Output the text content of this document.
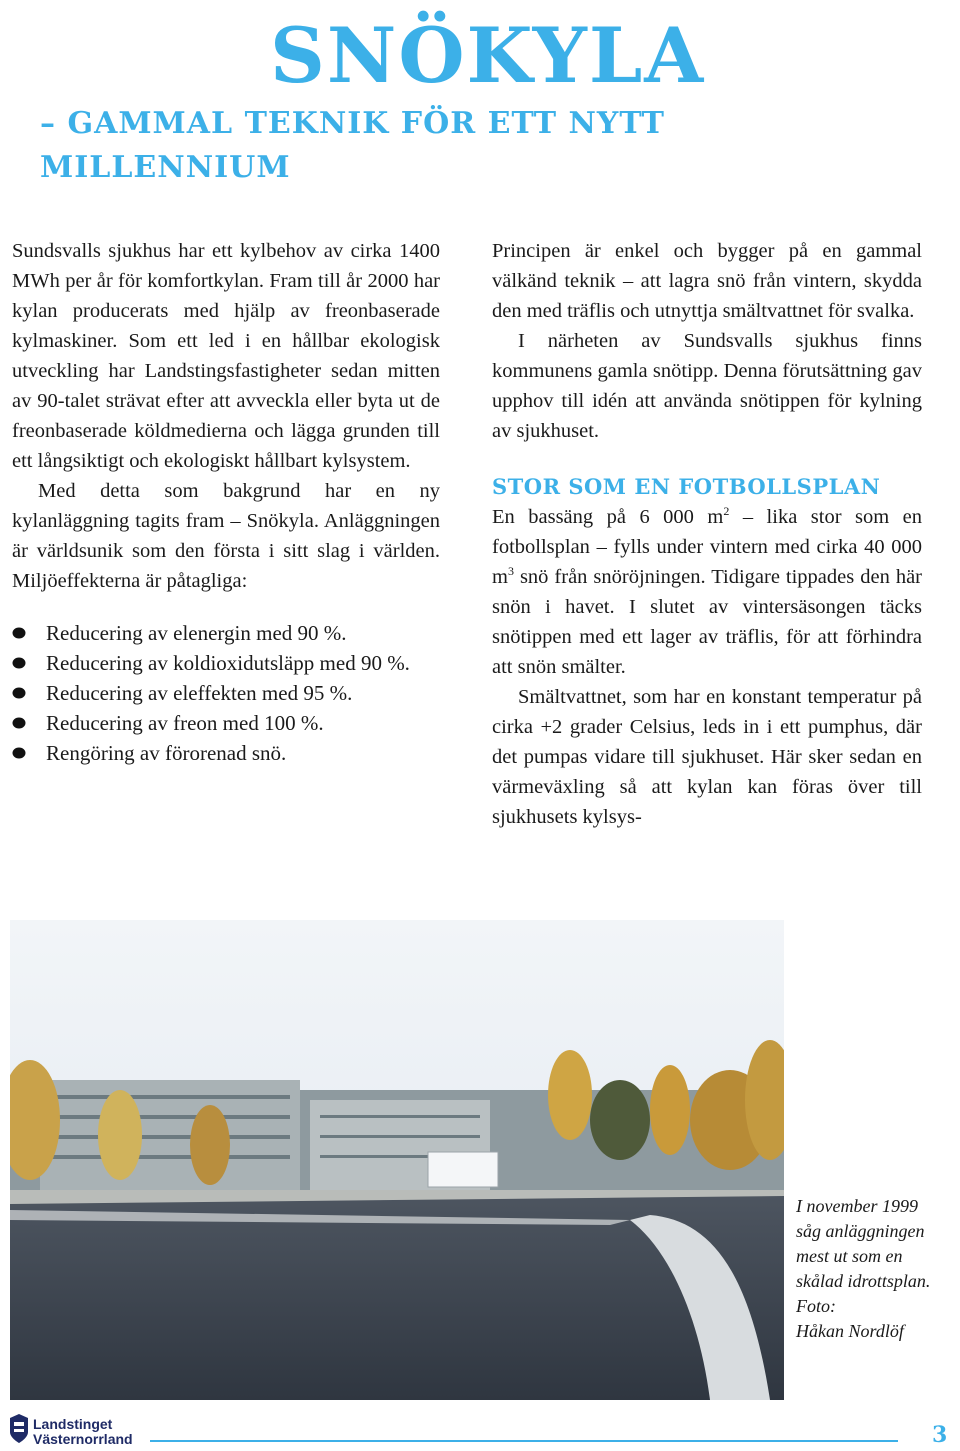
SNÖKYLA
– GAMMAL TEKNIK FÖR ETT NYTT MILLENNIUM

Sundsvalls sjukhus har ett kylbehov av cirka 1400 MWh per år för komfortkylan. Fram till år 2000 har kylan producerats med hjälp av freonbaserade kylmaskiner. Som ett led i en hållbar ekologisk utveckling har Landstingsfastigheter sedan mitten av 90-talet strävat efter att avveckla eller byta ut de freonbaserade köldmedierna och lägga grunden till ett långsiktigt och ekologiskt hållbart kylsystem.

Med detta som bakgrund har en ny kylanläggning tagits fram – Snökyla. Anläggningen är världsunik som den första i sitt slag i världen. Miljöeffekterna är påtagliga:

Reducering av elenergin med 90 %.
Reducering av koldioxidutsläpp med 90 %.
Reducering av eleffekten med 95 %.
Reducering av freon med 100 %.
Rengöring av förorenad snö.

Principen är enkel och bygger på en gammal välkänd teknik – att lagra snö från vintern, skydda den med träflis och utnyttja smältvattnet för svalka.

I närheten av Sundsvalls sjukhus finns kommunens gamla snötipp. Denna förutsättning gav upphov till idén att använda snötippen för kylning av sjukhuset.

STOR SOM EN FOTBOLLSPLAN

En bassäng på 6 000 $m^2$ – lika stor som en fotbollsplan – fylls under vintern med cirka 40 000 $m^3$ snö från snöröjningen. Tidigare tippades den här snön i havet. I slutet av vintersäsongen täcks snötippen med ett lager av träflis, för att förhindra att snön smälter.

Smältvattnet, som har en konstant temperatur på cirka +2 grader Celsius, leds in i ett pumphus, där det pumpas vidare till sjukhuset. Här sker sedan en värmeväxling så att kylan kan föras över till sjukhusets kylsys-

I november 1999 såg anläggningen mest ut som en skålad idrottsplan.

Foto:

Håkan Nordlöf

Landstinget
Västernorrland	3
